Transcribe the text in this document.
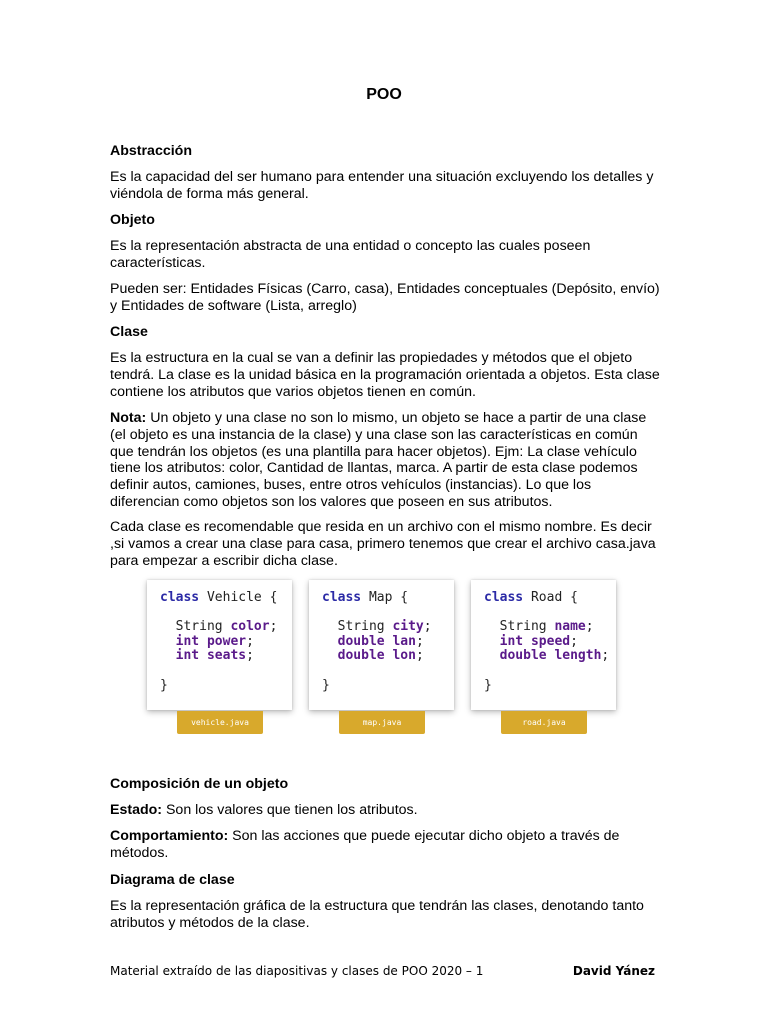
POO
Abstracción
Es la capacidad del ser humano para entender una situación excluyendo los detalles y viéndola de forma más general.
Objeto
Es la representación abstracta de una entidad o concepto las cuales poseen características.
Pueden ser: Entidades Físicas (Carro, casa), Entidades conceptuales (Depósito, envío) y Entidades de software (Lista, arreglo)
Clase
Es la estructura en la cual se van a definir las propiedades y métodos que el objeto tendrá. La clase es la unidad básica en la programación orientada a objetos. Esta clase contiene los atributos que varios objetos tienen en común.
Nota: Un objeto y una clase no son lo mismo, un objeto se hace a partir de una clase (el objeto es una instancia de la clase) y una clase son las características en común que tendrán los objetos (es una plantilla para hacer objetos). Ejm: La clase vehículo tiene los atributos: color, Cantidad de llantas, marca. A partir de esta clase podemos definir autos, camiones, buses, entre otros vehículos (instancias). Lo que los diferencian como objetos son los valores que poseen en sus atributos.
Cada clase es recomendable que resida en un archivo con el mismo nombre. Es decir ,si vamos a crear una clase para casa, primero tenemos que crear el archivo casa.java para empezar a escribir dicha clase.
class Vehicle {
String color;
int power;
int seats;
}
vehicle.java
class Map {
String city;
double lan;
double lon;
}
map.java
class Road {
String name;
int speed;
double length;
}
road.java
Composición de un objeto
Estado: Son los valores que tienen los atributos.
Comportamiento: Son las acciones que puede ejecutar dicho objeto a través de métodos.
Diagrama de clase
Es la representación gráfica de la estructura que tendrán las clases, denotando tanto atributos y métodos de la clase.
Material extraído de las diapositivas y clases de POO 2020 – 1	David Yánez
